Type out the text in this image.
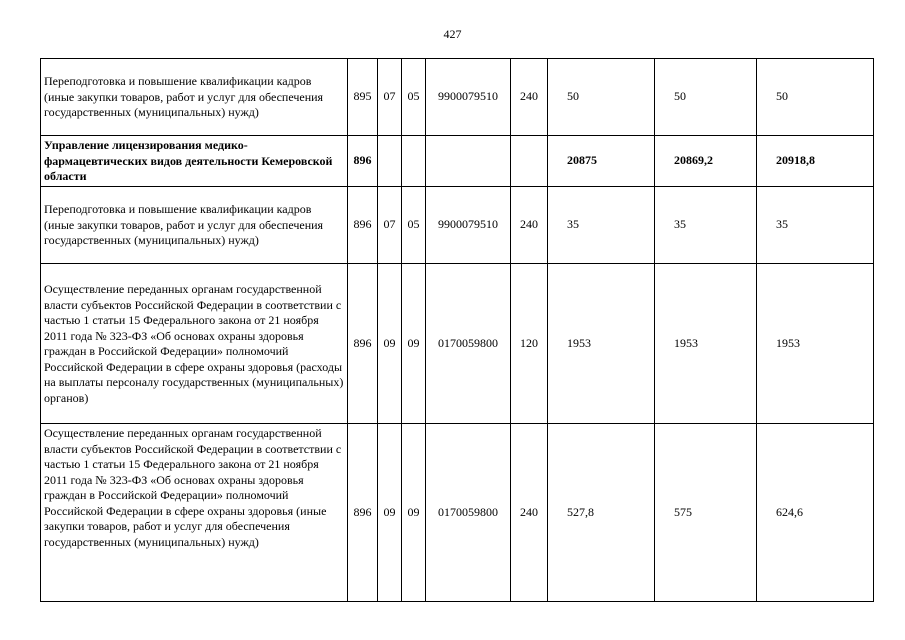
427
Переподготовка и повышение квалификации кадров (иные закупки товаров, работ и услуг для обеспечения государственных (муниципальных) нужд)	895	07	05	9900079510	240	50	50	50
Управление лицензирования медико-фармацевтических видов деятельности Кемеровской области	896					20875	20869,2	20918,8
Переподготовка и повышение квалификации кадров (иные закупки товаров, работ и услуг для обеспечения государственных (муниципальных) нужд)	896	07	05	9900079510	240	35	35	35
Осуществление переданных органам государственной власти субъектов Российской Федерации в соответствии с частью 1 статьи 15 Федерального закона от 21 ноября 2011 года № 323-ФЗ «Об основах охраны здоровья граждан в Российской Федерации» полномочий Российской Федерации в сфере охраны здоровья (расходы на выплаты персоналу государственных (муниципальных) органов)	896	09	09	0170059800	120	1953	1953	1953
Осуществление переданных органам государственной власти субъектов Российской Федерации в соответствии с частью 1 статьи 15 Федерального закона от 21 ноября 2011 года № 323-ФЗ «Об основах охраны здоровья граждан в Российской Федерации» полномочий Российской Федерации в сфере охраны здоровья (иные закупки товаров, работ и услуг для обеспечения государственных (муниципальных) нужд)	896	09	09	0170059800	240	527,8	575	624,6
